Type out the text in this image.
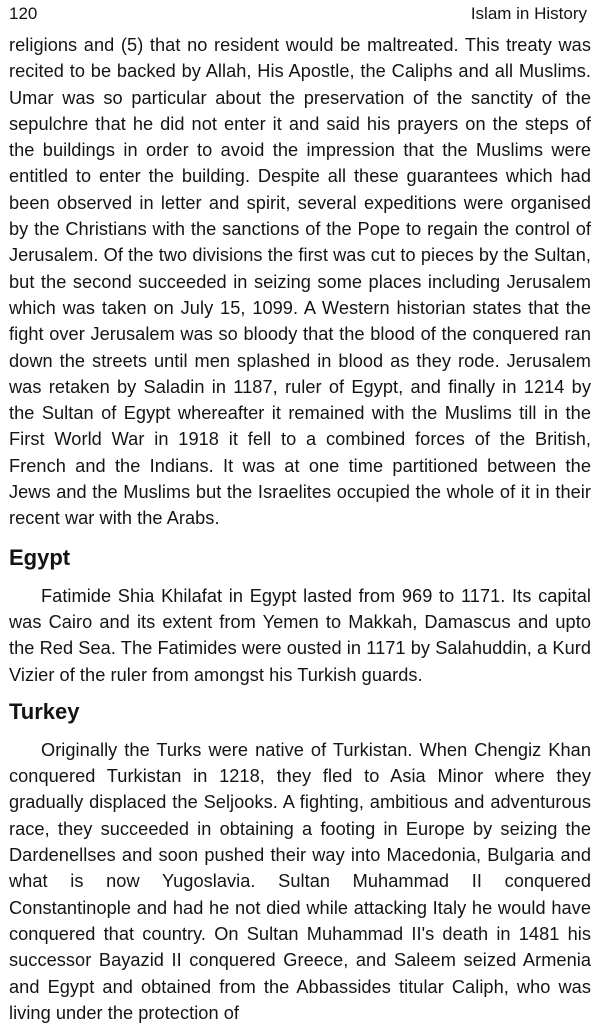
120	Islam in History

religions and (5) that no resident would be maltreated. This treaty was recited to be backed by Allah, His Apostle, the Caliphs and all Muslims. Umar was so particular about the preservation of the sanctity of the sepulchre that he did not enter it and said his prayers on the steps of the buildings in order to avoid the impression that the Muslims were entitled to enter the building. Despite all these guarantees which had been observed in letter and spirit, several expeditions were organised by the Christians with the sanctions of the Pope to regain the control of Jerusalem. Of the two divisions the first was cut to pieces by the Sultan, but the second succeeded in seizing some places including Jerusalem which was taken on July 15, 1099. A Western historian states that the fight over Jerusalem was so bloody that the blood of the conquered ran down the streets until men splashed in blood as they rode. Jerusalem was retaken by Saladin in 1187, ruler of Egypt, and finally in 1214 by the Sultan of Egypt whereafter it remained with the Muslims till in the First World War in 1918 it fell to a combined forces of the British, French and the Indians. It was at one time partitioned between the Jews and the Muslims but the Israelites occupied the whole of it in their recent war with the Arabs.

Egypt

Fatimide Shia Khilafat in Egypt lasted from 969 to 1171. Its capital was Cairo and its extent from Yemen to Makkah, Damascus and upto the Red Sea. The Fatimides were ousted in 1171 by Salahuddin, a Kurd Vizier of the ruler from amongst his Turkish guards.

Turkey

Originally the Turks were native of Turkistan. When Chengiz Khan conquered Turkistan in 1218, they fled to Asia Minor where they gradually displaced the Seljooks. A fighting, ambitious and adventurous race, they succeeded in obtaining a footing in Europe by seizing the Dardenellses and soon pushed their way into Macedonia, Bulgaria and what is now Yugoslavia. Sultan Muhammad II conquered Constantinople and had he not died while attacking Italy he would have conquered that country. On Sultan Muhammad II's death in 1481 his successor Bayazid II conquered Greece, and Saleem seized Armenia and Egypt and obtained from the Abbassides titular Caliph, who was living under the protection of
